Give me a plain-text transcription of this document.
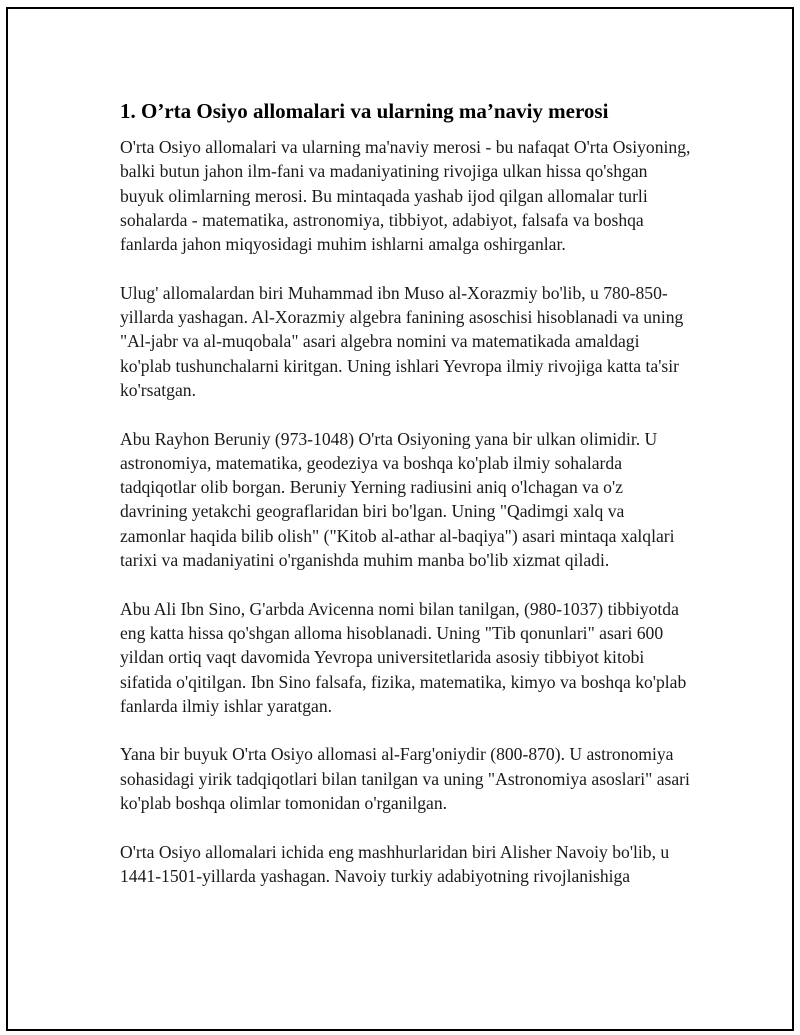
1. O’rta Osiyo allomalari va ularning ma’naviy merosi

O'rta Osiyo allomalari va ularning ma'naviy merosi - bu nafaqat O'rta Osiyoning, balki butun jahon ilm-fani va madaniyatining rivojiga ulkan hissa qo'shgan buyuk olimlarning merosi. Bu mintaqada yashab ijod qilgan allomalar turli sohalarda - matematika, astronomiya, tibbiyot, adabiyot, falsafa va boshqa fanlarda jahon miqyosidagi muhim ishlarni amalga oshirganlar.

Ulug' allomalardan biri Muhammad ibn Muso al-Xorazmiy bo'lib, u 780-850-yillarda yashagan. Al-Xorazmiy algebra fanining asoschisi hisoblanadi va uning "Al-jabr va al-muqobala" asari algebra nomini va matematikada amaldagi ko'plab tushunchalarni kiritgan. Uning ishlari Yevropa ilmiy rivojiga katta ta'sir ko'rsatgan.

Abu Rayhon Beruniy (973-1048) O'rta Osiyoning yana bir ulkan olimidir. U astronomiya, matematika, geodeziya va boshqa ko'plab ilmiy sohalarda tadqiqotlar olib borgan. Beruniy Yerning radiusini aniq o'lchagan va o'z davrining yetakchi geograflaridan biri bo'lgan. Uning "Qadimgi xalq va zamonlar haqida bilib olish" ("Kitob al-athar al-baqiya") asari mintaqa xalqlari tarixi va madaniyatini o'rganishda muhim manba bo'lib xizmat qiladi.

Abu Ali Ibn Sino, G'arbda Avicenna nomi bilan tanilgan, (980-1037) tibbiyotda eng katta hissa qo'shgan alloma hisoblanadi. Uning "Tib qonunlari" asari 600 yildan ortiq vaqt davomida Yevropa universitetlarida asosiy tibbiyot kitobi sifatida o'qitilgan. Ibn Sino falsafa, fizika, matematika, kimyo va boshqa ko'plab fanlarda ilmiy ishlar yaratgan.

Yana bir buyuk O'rta Osiyo allomasi al-Farg'oniydir (800-870). U astronomiya sohasidagi yirik tadqiqotlari bilan tanilgan va uning "Astronomiya asoslari" asari ko'plab boshqa olimlar tomonidan o'rganilgan.

O'rta Osiyo allomalari ichida eng mashhurlaridan biri Alisher Navoiy bo'lib, u 1441-1501-yillarda yashagan. Navoiy turkiy adabiyotning rivojlanishiga
